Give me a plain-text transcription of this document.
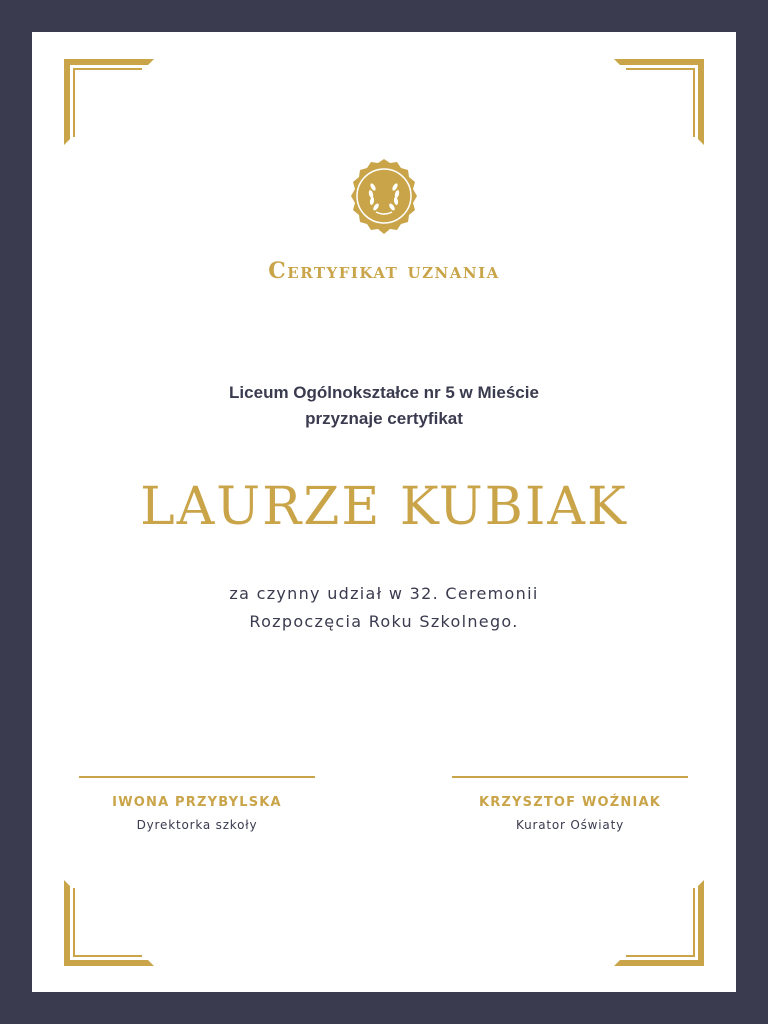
Certyfikat uznania
Liceum Ogólnokształce nr 5 w Mieście
przyznaje certyfikat
LAURZE KUBIAK
za czynny udział w 32. Ceremonii
Rozpoczęcia Roku Szkolnego.
IWONA PRZYBYLSKA
Dyrektorka szkoły
KRZYSZTOF WOŹNIAK
Kurator Oświaty
